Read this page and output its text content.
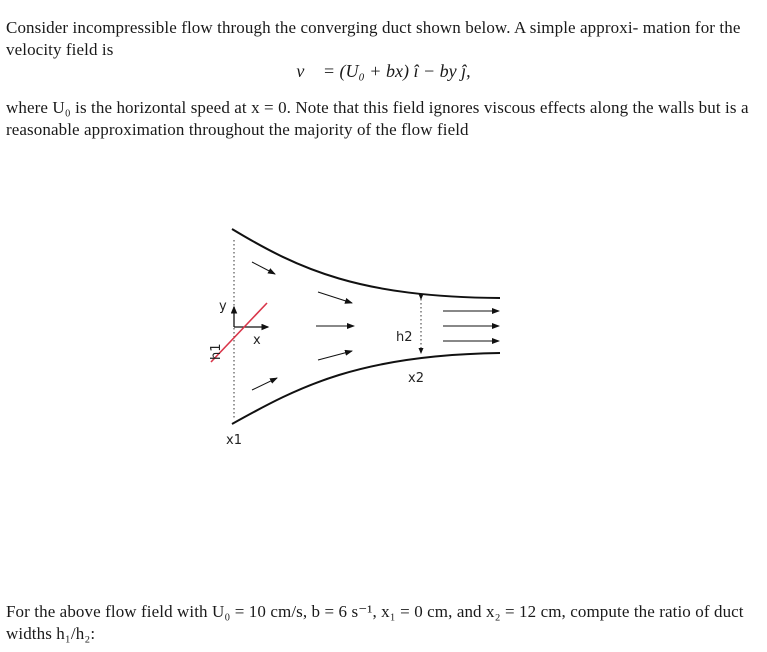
Consider incompressible flow through the converging duct shown below. A simple approxi- mation for the velocity field is
v⃗ = (U₀ + bx) î − by ĵ,
where U₀ is the horizontal speed at x = 0. Note that this field ignores viscous effects along the walls but is a reasonable approximation throughout the majority of the flow field
y
x
h1
h2
x1
x2
For the above flow field with U₀ = 10 cm/s, b = 6 s⁻¹, x₁ = 0 cm, and x₂ = 12 cm, compute the ratio of duct widths h₁/h₂:
